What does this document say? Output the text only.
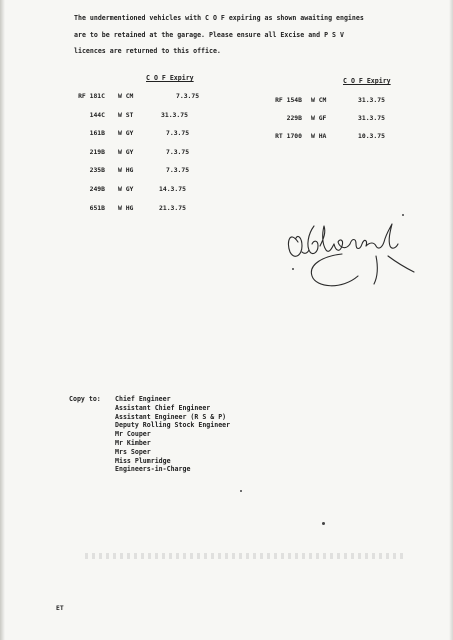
The undermentioned vehicles with C O F expiring as shown awaiting engines
are to be retained at the garage. Please ensure all Excise and P S V
licences are returned to this office.
C O F Expiry
RF 181C W CM	7.3.75
144C W ST	31.3.75
161B W GY	7.3.75
219B W GY	7.3.75
235B W HG	7.3.75
249B W GY	14.3.75
651B W HG	21.3.75
C O F Expiry
RF 154B W CM	31.3.75
229B W GF	31.3.75
RT 1700 W HA	10.3.75
Copy to: Chief Engineer
Assistant Chief Engineer
Assistant Engineer (R S & P)
Deputy Rolling Stock Engineer
Mr Couper
Mr Kimber
Mrs Soper
Miss Plumridge
Engineers-in-Charge
ET
